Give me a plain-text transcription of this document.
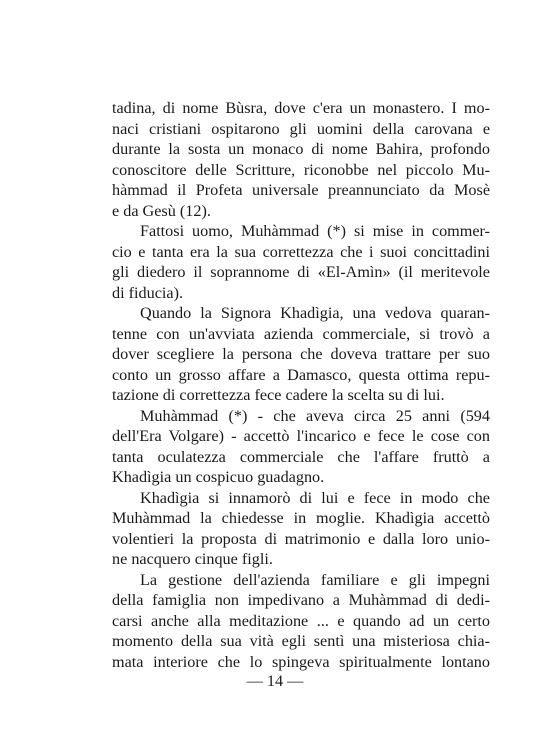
tadina, di nome Bùsra, dove c'era un monastero. I mo-
naci cristiani ospitarono gli uomini della carovana e
durante la sosta un monaco di nome Bahira, profondo
conoscitore delle Scritture, riconobbe nel piccolo Mu-
hàmmad il Profeta universale preannunciato da Mosè
e da Gesù (12).
Fattosi uomo, Muhàmmad (*) si mise in commer-
cio e tanta era la sua correttezza che i suoi concittadini
gli diedero il soprannome di «El-Amìn» (il meritevole
di fiducia).
Quando la Signora Khadìgia, una vedova quaran-
tenne con un'avviata azienda commerciale, si trovò a
dover scegliere la persona che doveva trattare per suo
conto un grosso affare a Damasco, questa ottima repu-
tazione di correttezza fece cadere la scelta su di lui.
Muhàmmad (*) - che aveva circa 25 anni (594
dell'Era Volgare) - accettò l'incarico e fece le cose con
tanta oculatezza commerciale che l'affare fruttò a
Khadìgia un cospicuo guadagno.
Khadìgia si innamorò di lui e fece in modo che
Muhàmmad la chiedesse in moglie. Khadìgia accettò
volentieri la proposta di matrimonio e dalla loro unio-
ne nacquero cinque figli.
La gestione dell'azienda familiare e gli impegni
della famiglia non impedivano a Muhàmmad di dedi-
carsi anche alla meditazione ... e quando ad un certo
momento della sua vità egli sentì una misteriosa chia-
mata interiore che lo spingeva spiritualmente lontano
— 14 —
